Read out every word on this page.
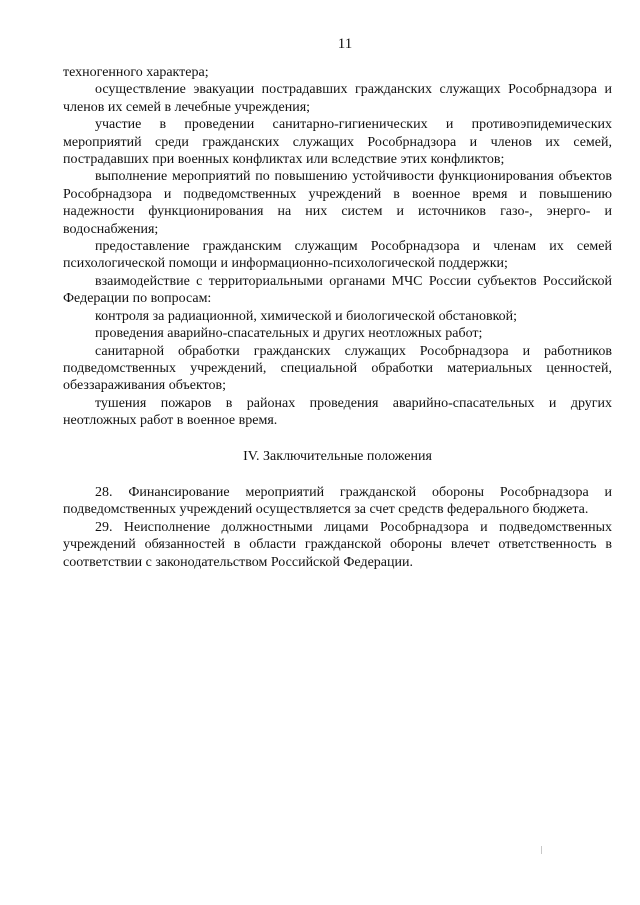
11

техногенного характера;

осуществление эвакуации пострадавших гражданских служащих Рособрнадзора и членов их семей в лечебные учреждения;

участие в проведении санитарно-гигиенических и противоэпидемических мероприятий среди гражданских служащих Рособрнадзора и членов их семей, пострадавших при военных конфликтах или вследствие этих конфликтов;

выполнение мероприятий по повышению устойчивости функционирования объектов Рособрнадзора и подведомственных учреждений в военное время и повышению надежности функционирования на них систем и источников газо-, энерго- и водоснабжения;

предоставление гражданским служащим Рособрнадзора и членам их семей психологической помощи и информационно-психологической поддержки;

взаимодействие с территориальными органами МЧС России субъектов Российской Федерации по вопросам:

контроля за радиационной, химической и биологической обстановкой;

проведения аварийно-спасательных и других неотложных работ;

санитарной обработки гражданских служащих Рособрнадзора и работников подведомственных учреждений, специальной обработки материальных ценностей, обеззараживания объектов;

тушения пожаров в районах проведения аварийно-спасательных и других неотложных работ в военное время.

IV. Заключительные положения

28. Финансирование мероприятий гражданской обороны Рособрнадзора и подведомственных учреждений осуществляется за счет средств федерального бюджета.

29. Неисполнение должностными лицами Рособрнадзора и подведомственных учреждений обязанностей в области гражданской обороны влечет ответственность в соответствии с законодательством Российской Федерации.
